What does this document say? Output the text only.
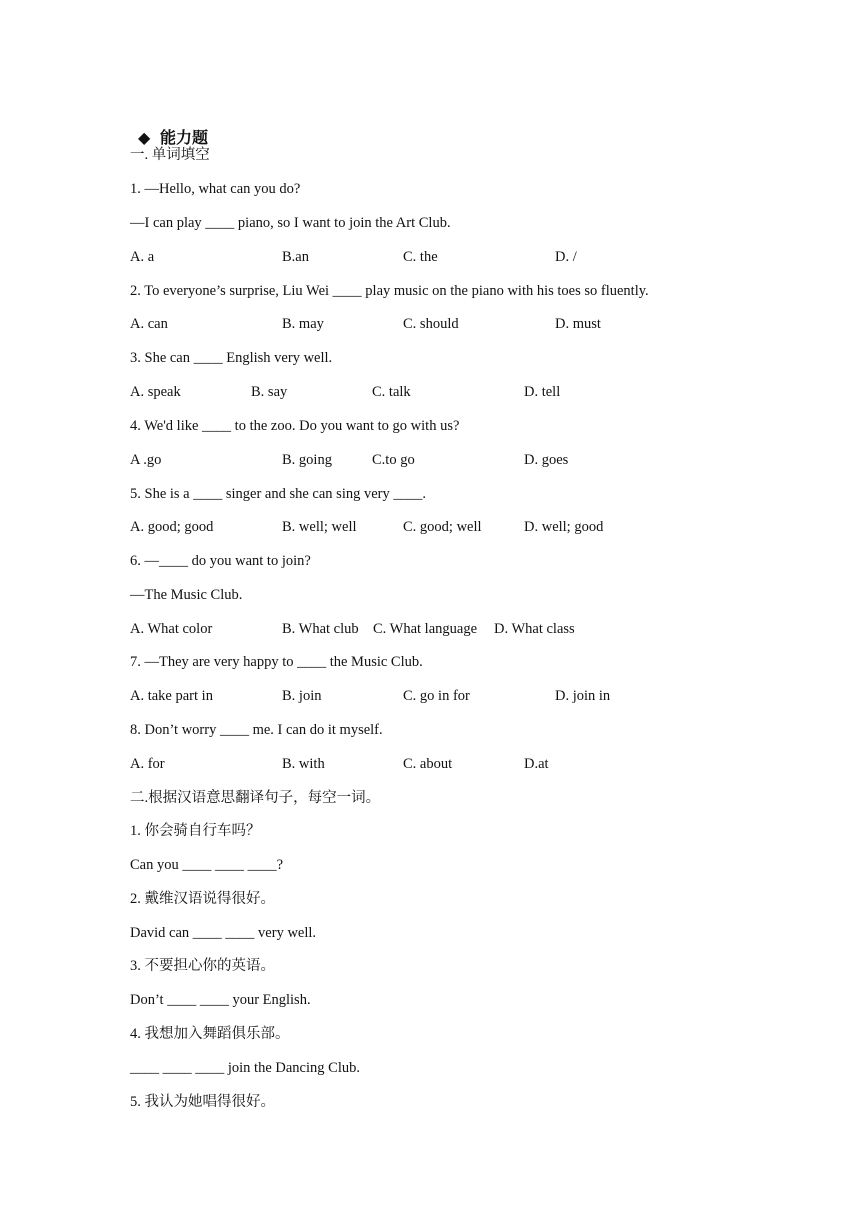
◆ 能力题

一. 单词填空
1. —Hello, what can you do?
—I can play ____ piano, so I want to join the Art Club.
A. a	B.an	C. the	D. /
2. To everyone’s surprise, Liu Wei ____ play music on the piano with his toes so fluently.
A. can	B. may	C. should	D. must
3. She can ____ English very well.
A. speak	B. say	C. talk	D. tell
4. We'd like ____ to the zoo. Do you want to go with us?
A .go	B. going	C.to go	D. goes
5. She is a ____ singer and she can sing very ____.
A. good; good	B. well; well	C. good; well	D. well; good
6. —____ do you want to join?
—The Music Club.
A. What color	B. What club C. What language D. What class
7. —They are very happy to ____ the Music Club.
A. take part in	B. join	C. go in for	D. join in
8. Don’t worry ____ me. I can do it myself.
A. for	B. with	C. about	D.at
二.根据汉语意思翻译句子，每空一词。
1. 你会骑自行车吗？
Can you ____ ____ ____?
2. 戴维汉语说得很好。
David can ____ ____ very well.
3. 不要担心你的英语。
Don’t ____ ____ your English.
4. 我想加入舞蹈俱乐部。
____ ____ ____ join the Dancing Club.
5. 我认为她唱得很好。
